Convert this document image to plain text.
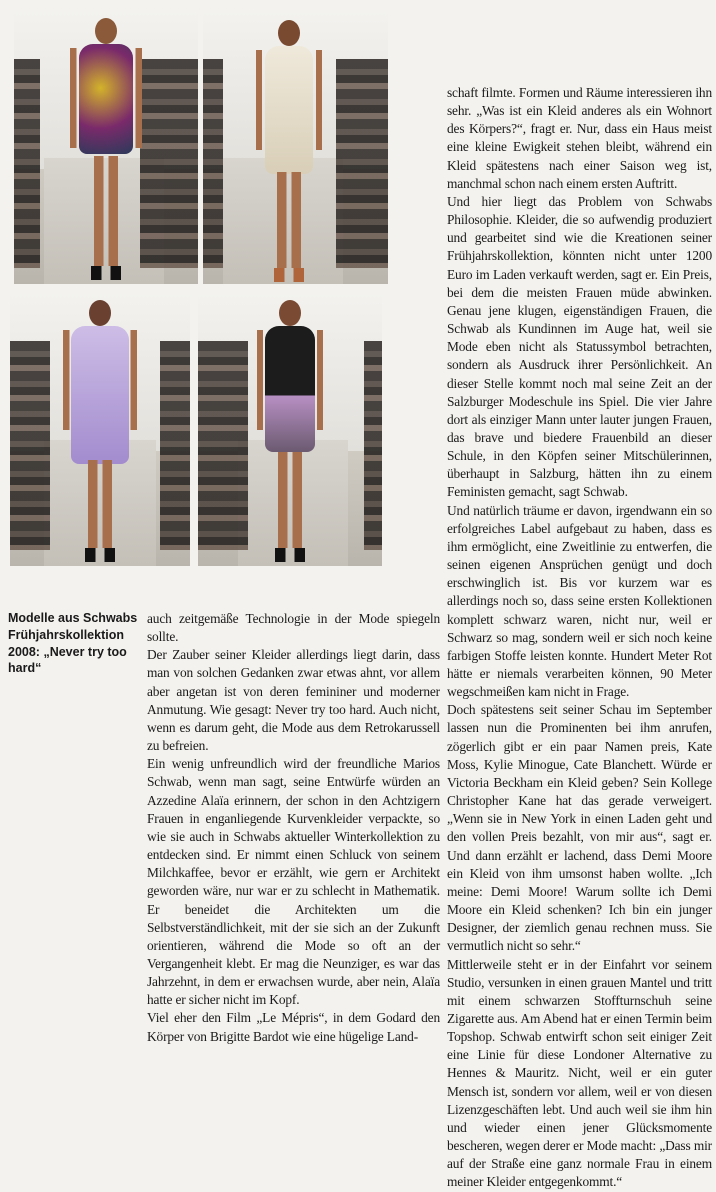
Modelle aus Schwabs Frühjahrskollektion 2008: „Never try too hard“

auch zeitgemäße Technologie in der Mode spiegeln sollte.

Der Zauber seiner Kleider allerdings liegt darin, dass man von solchen Gedanken zwar etwas ahnt, vor allem aber angetan ist von deren femininer und moderner Anmutung. Wie gesagt: Never try too hard. Auch nicht, wenn es darum geht, die Mode aus dem Retrokarussell zu befreien.

Ein wenig unfreundlich wird der freundliche Marios Schwab, wenn man sagt, seine Entwürfe würden an Azzedine Alaïa erinnern, der schon in den Achtzigern Frauen in enganliegende Kurvenkleider verpackte, so wie sie auch in Schwabs aktueller Winterkollektion zu entdecken sind. Er nimmt einen Schluck von seinem Milchkaffee, bevor er erzählt, wie gern er Architekt geworden wäre, nur war er zu schlecht in Mathematik. Er beneidet die Architekten um die Selbstverständlichkeit, mit der sie sich an der Zukunft orientieren, während die Mode so oft an der Vergangenheit klebt. Er mag die Neunziger, es war das Jahrzehnt, in dem er erwachsen wurde, aber nein, Alaïa hatte er sicher nicht im Kopf.

Viel eher den Film „Le Mépris“, in dem Godard den Körper von Brigitte Bardot wie eine hügelige Land-

schaft filmte. Formen und Räume interessieren ihn sehr. „Was ist ein Kleid anderes als ein Wohnort des Körpers?“, fragt er. Nur, dass ein Haus meist eine kleine Ewigkeit stehen bleibt, während ein Kleid spätestens nach einer Saison weg ist, manchmal schon nach einem ersten Auftritt.

Und hier liegt das Problem von Schwabs Philosophie. Kleider, die so aufwendig produziert und gearbeitet sind wie die Kreationen seiner Frühjahrskollektion, könnten nicht unter 1200 Euro im Laden verkauft werden, sagt er. Ein Preis, bei dem die meisten Frauen müde abwinken. Genau jene klugen, eigenständigen Frauen, die Schwab als Kundinnen im Auge hat, weil sie Mode eben nicht als Statussymbol betrachten, sondern als Ausdruck ihrer Persönlichkeit. An dieser Stelle kommt noch mal seine Zeit an der Salzburger Modeschule ins Spiel. Die vier Jahre dort als einziger Mann unter lauter jungen Frauen, das brave und biedere Frauenbild an dieser Schule, in den Köpfen seiner Mitschülerinnen, überhaupt in Salzburg, hätten ihn zu einem Feministen gemacht, sagt Schwab.

Und natürlich träume er davon, irgendwann ein so erfolgreiches Label aufgebaut zu haben, dass es ihm ermöglicht, eine Zweitlinie zu entwerfen, die seinen eigenen Ansprüchen genügt und doch erschwinglich ist. Bis vor kurzem war es allerdings noch so, dass seine ersten Kollektionen komplett schwarz waren, nicht nur, weil er Schwarz so mag, sondern weil er sich noch keine farbigen Stoffe leisten konnte. Hundert Meter Rot hätte er niemals verarbeiten können, 90 Meter wegschmeißen kam nicht in Frage.

Doch spätestens seit seiner Schau im September lassen nun die Prominenten bei ihm anrufen, zögerlich gibt er ein paar Namen preis, Kate Moss, Kylie Minogue, Cate Blanchett. Würde er Victoria Beckham ein Kleid geben? Sein Kollege Christopher Kane hat das gerade verweigert. „Wenn sie in New York in einen Laden geht und den vollen Preis bezahlt, von mir aus“, sagt er. Und dann erzählt er lachend, dass Demi Moore ein Kleid von ihm umsonst haben wollte. „Ich meine: Demi Moore! Warum sollte ich Demi Moore ein Kleid schenken? Ich bin ein junger Designer, der ziemlich genau rechnen muss. Sie vermutlich nicht so sehr.“

Mittlerweile steht er in der Einfahrt vor seinem Studio, versunken in einen grauen Mantel und tritt mit einem schwarzen Stoffturnschuh seine Zigarette aus. Am Abend hat er einen Termin beim Topshop. Schwab entwirft schon seit einiger Zeit eine Linie für diese Londoner Alternative zu Hennes & Mauritz. Nicht, weil er ein guter Mensch ist, sondern vor allem, weil er von diesen Lizenzgeschäften lebt. Und auch weil sie ihm hin und wieder einen jener Glücksmomente bescheren, wegen derer er Mode macht: „Dass mir auf der Straße eine ganz normale Frau in einem meiner Kleider entgegenkommt.“
